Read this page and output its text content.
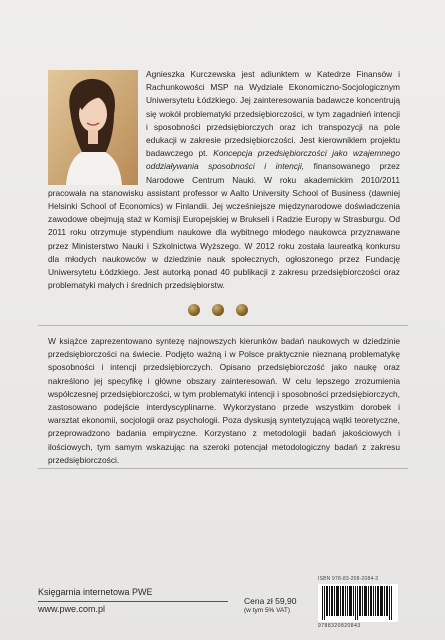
Agnieszka Kurczewska jest adiunktem w Katedrze Finansów i Rachunkowości MSP na Wydziale Ekonomiczno-Socjologicznym Uniwersytetu Łódzkiego. Jej zainteresowania badawcze koncentrują się wokół problematyki przedsiębiorczości, w tym zagadnień intencji i sposobności przedsiębiorczych oraz ich transpozycji na pole edukacji w zakresie przedsiębiorczości. Jest kierowniklem projektu badawczego pt. Koncepcja przedsiębiorczości jako wzajemnego oddziaływania sposobności i intencji, finansowanego przez Narodowe Centrum Nauki. W roku akademickim 2010/2011 pracowała na stanowisku assistant professor w Aalto University School of Business (dawniej Helsinki School of Economics) w Finlandii. Jej wcześniejsze międzynarodowe doświadczenia zawodowe obejmują staż w Komisji Europejskiej w Brukseli i Radzie Europy w Strasburgu. Od 2011 roku otrzymuje stypendium naukowe dla wybitnego młodego naukowca przyznawane przez Ministerstwo Nauki i Szkolnictwa Wyższego. W 2012 roku została laureatką konkursu dla młodych naukowców w dziedzinie nauk społecznych, ogłoszonego przez Fundację Uniwersytetu Łódzkiego. Jest autorką ponad 40 publikacji z zakresu przedsiębiorczości oraz problematyki małych i średnich przedsiębiorstw.
W książce zaprezentowano syntezę najnowszych kierunków badań naukowych w dziedzinie przedsiębiorczości na świecie. Podjęto ważną i w Polsce praktycznie nieznaną problematykę sposobności i intencji przedsiębiorczych. Opisano przedsiębiorczość jako naukę oraz nakreślono jej specyfikę i główne obszary zainteresowań. W celu lepszego zrozumienia współczesnej przedsiębiorczości, w tym problematyki intencji i sposobności przedsiębiorczych, zastosowano podejście interdyscyplinarne. Wykorzystano przede wszystkim dorobek i warsztat ekonomii, socjologii oraz psychologii. Poza dyskusją syntetyzującą wątki teoretyczne, przeprowadzono badania empiryczne. Korzystano z metodologii badań jakościowych i ilościowych, tym samym wskazując na szeroki potencjał metodologiczny badań z zakresu przedsiębiorczości.
Księgarnia internetowa PWE
www.pwe.com.pl
Cena zł 59,90
(w tym 5% VAT)
ISBN 978-83-208-2084-3
9788320820843
